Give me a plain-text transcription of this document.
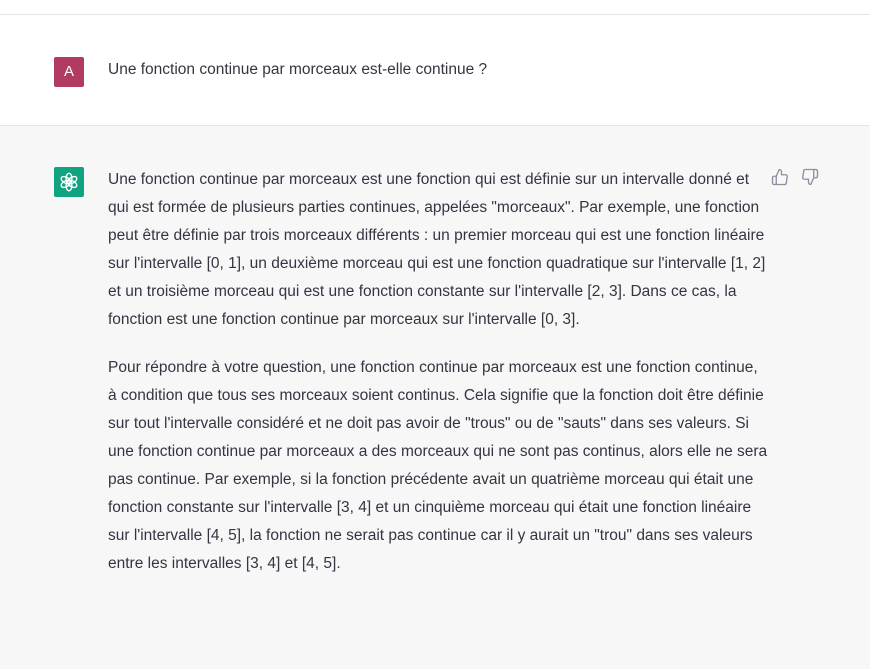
A	Une fonction continue par morceaux est-elle continue ?

Une fonction continue par morceaux est une fonction qui est définie sur un intervalle donné et qui est formée de plusieurs parties continues, appelées "morceaux". Par exemple, une fonction peut être définie par trois morceaux différents : un premier morceau qui est une fonction linéaire sur l'intervalle [0, 1], un deuxième morceau qui est une fonction quadratique sur l'intervalle [1, 2] et un troisième morceau qui est une fonction constante sur l'intervalle [2, 3]. Dans ce cas, la fonction est une fonction continue par morceaux sur l'intervalle [0, 3].

Pour répondre à votre question, une fonction continue par morceaux est une fonction continue, à condition que tous ses morceaux soient continus. Cela signifie que la fonction doit être définie sur tout l'intervalle considéré et ne doit pas avoir de "trous" ou de "sauts" dans ses valeurs. Si une fonction continue par morceaux a des morceaux qui ne sont pas continus, alors elle ne sera pas continue. Par exemple, si la fonction précédente avait un quatrième morceau qui était une fonction constante sur l'intervalle [3, 4] et un cinquième morceau qui était une fonction linéaire sur l'intervalle [4, 5], la fonction ne serait pas continue car il y aurait un "trou" dans ses valeurs entre les intervalles [3, 4] et [4, 5].
